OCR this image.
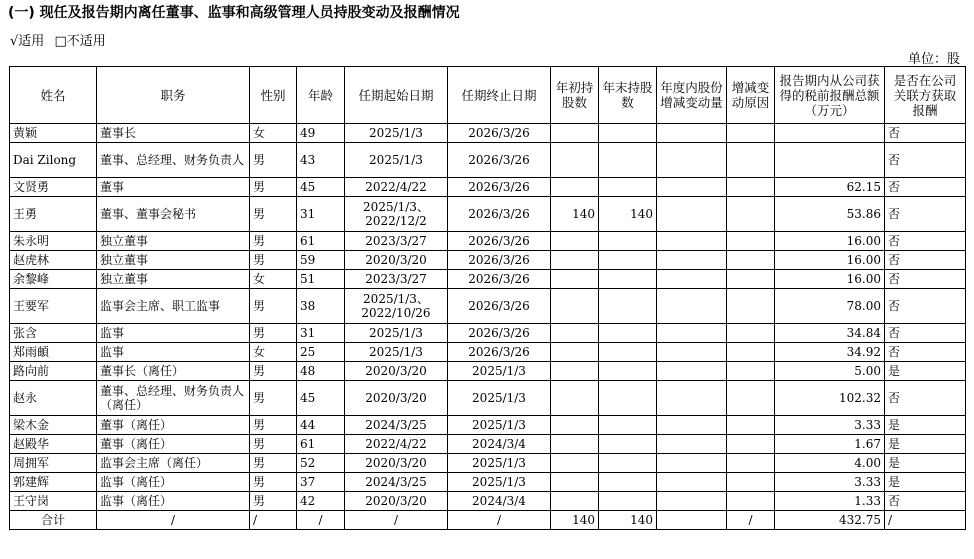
(一) 现任及报告期内离任董事、监事和高级管理人员持股变动及报酬情况
√适用 □不适用
单位：股
姓名	职务	性别	年龄	任期起始日期	任期终止日期	年初持股数	年末持股数	年度内股份增减变动量	增减变动原因	报告期内从公司获得的税前报酬总额（万元）	是否在公司关联方获取报酬
黄颖	董事长	女	49	2025/1/3	2026/3/26						否
Dai Zilong	董事、总经理、财务负责人	男	43	2025/1/3	2026/3/26						否
文贤勇	董事	男	45	2022/4/22	2026/3/26					62.15	否
王勇	董事、董事会秘书	男	31	2025/1/3、2022/12/2	2026/3/26	140	140			53.86	否
朱永明	独立董事	男	61	2023/3/27	2026/3/26					16.00	否
赵虎林	独立董事	男	59	2020/3/20	2026/3/26					16.00	否
余黎峰	独立董事	女	51	2023/3/27	2026/3/26					16.00	否
王要军	监事会主席、职工监事	男	38	2025/1/3、2022/10/26	2026/3/26					78.00	否
张含	监事	男	31	2025/1/3	2026/3/26					34.84	否
郑雨頔	监事	女	25	2025/1/3	2026/3/26					34.92	否
路向前	董事长（离任）	男	48	2020/3/20	2025/1/3					5.00	是
赵永	董事、总经理、财务负责人（离任）	男	45	2020/3/20	2025/1/3					102.32	否
梁木金	董事（离任）	男	44	2024/3/25	2025/1/3					3.33	是
赵殿华	董事（离任）	男	61	2022/4/22	2024/3/4					1.67	是
周拥军	监事会主席（离任）	男	52	2020/3/20	2025/1/3					4.00	是
郭建辉	监事（离任）	男	37	2024/3/25	2025/1/3					3.33	是
王守岗	监事（离任）	男	42	2020/3/20	2024/3/4					1.33	否
合计	/	/	/	/	/	140	140		/	432.75	/
